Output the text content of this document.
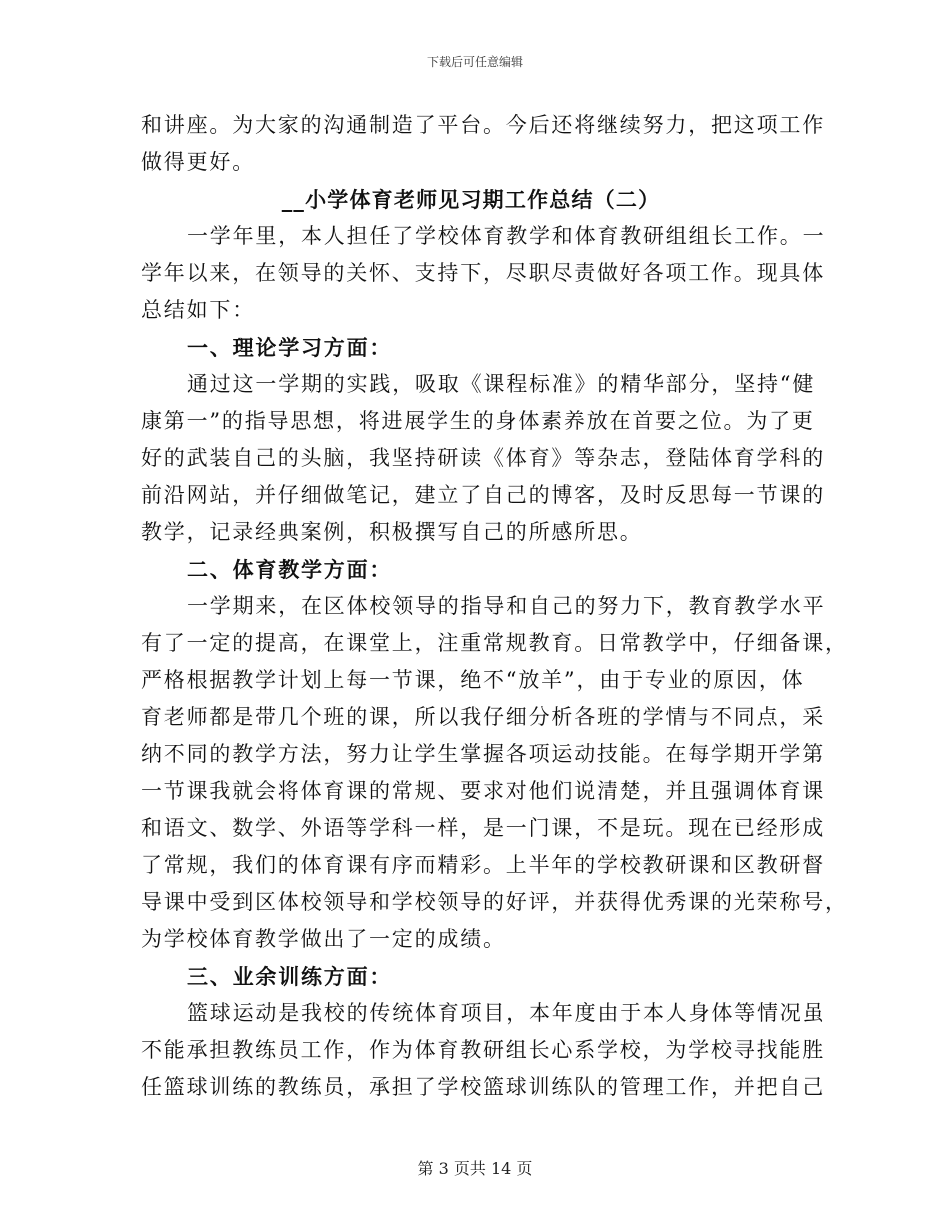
下载后可任意编辑
和讲座。为大家的沟通制造了平台。今后还将继续努力，把这项工作
做得更好。
__小学体育老师见习期工作总结（二）
一学年里，本人担任了学校体育教学和体育教研组组长工作。一
学年以来，在领导的关怀、支持下，尽职尽责做好各项工作。现具体
总结如下：
一、理论学习方面：
通过这一学期的实践，吸取《课程标准》的精华部分，坚持“健
康第一”的指导思想，将进展学生的身体素养放在首要之位。为了更
好的武装自己的头脑，我坚持研读《体育》等杂志，登陆体育学科的
前沿网站，并仔细做笔记，建立了自己的博客，及时反思每一节课的
教学，记录经典案例，积极撰写自己的所感所思。
二、体育教学方面：
一学期来，在区体校领导的指导和自己的努力下，教育教学水平
有了一定的提高，在课堂上，注重常规教育。日常教学中，仔细备课，
严格根据教学计划上每一节课，绝不“放羊”，由于专业的原因，体
育老师都是带几个班的课，所以我仔细分析各班的学情与不同点，采
纳不同的教学方法，努力让学生掌握各项运动技能。在每学期开学第
一节课我就会将体育课的常规、要求对他们说清楚，并且强调体育课
和语文、数学、外语等学科一样，是一门课，不是玩。现在已经形成
了常规，我们的体育课有序而精彩。上半年的学校教研课和区教研督
导课中受到区体校领导和学校领导的好评，并获得优秀课的光荣称号，
为学校体育教学做出了一定的成绩。
三、业余训练方面：
篮球运动是我校的传统体育项目，本年度由于本人身体等情况虽
不能承担教练员工作，作为体育教研组长心系学校，为学校寻找能胜
任篮球训练的教练员，承担了学校篮球训练队的管理工作，并把自己
第 3 页共 14 页
